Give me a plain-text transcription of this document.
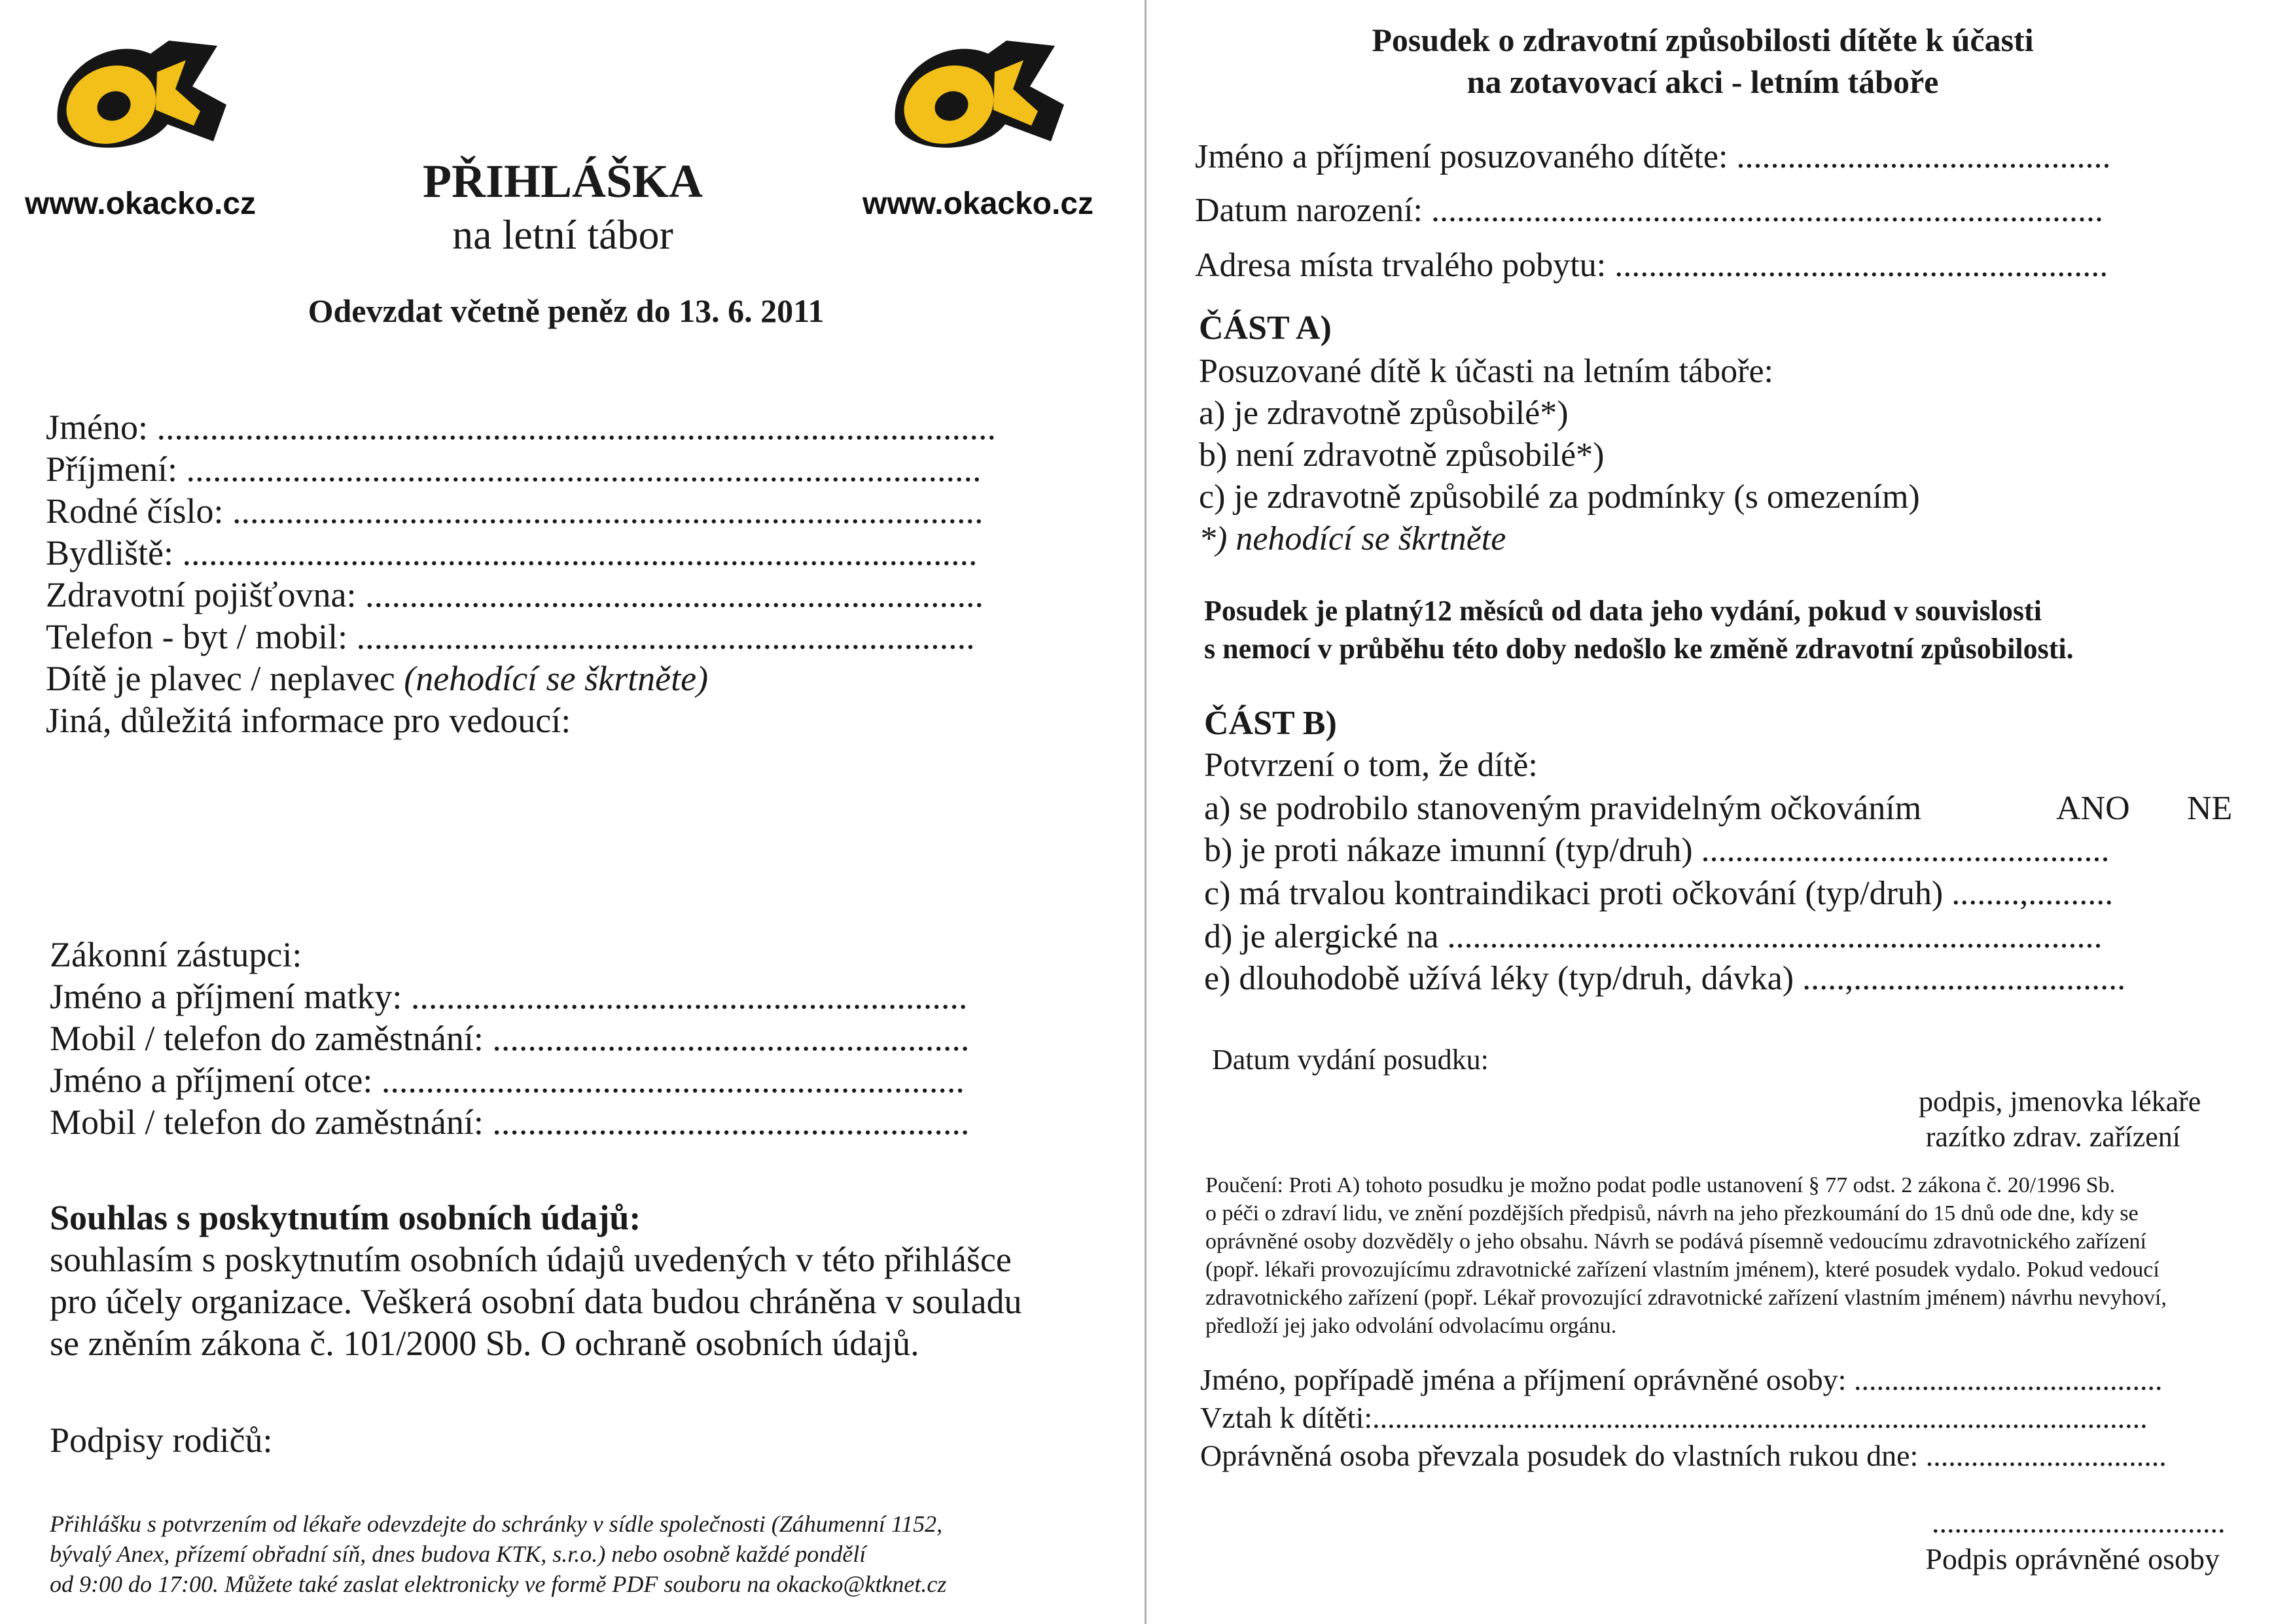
www.okacko.cz	www.okacko.cz
PŘIHLÁŠKA
na letní tábor
Odevzdat včetně peněz do 13. 6. 2011
Jméno: ...............................................................................................
Příjmení: ..........................................................................................
Rodné číslo: .....................................................................................
Bydliště: ..........................................................................................
Zdravotní pojišťovna: ......................................................................
Telefon - byt / mobil: ......................................................................
Dítě je plavec / neplavec (nehodící se škrtněte)
Jiná, důležitá informace pro vedoucí:
Zákonní zástupci:
Jméno a příjmení matky: ...............................................................
Mobil / telefon do zaměstnání: ......................................................
Jméno a příjmení otce: ..................................................................
Mobil / telefon do zaměstnání: ......................................................
Souhlas s poskytnutím osobních údajů:
souhlasím s poskytnutím osobních údajů uvedených v této přihlášce
pro účely organizace. Veškerá osobní data budou chráněna v souladu
se zněním zákona č. 101/2000 Sb. O ochraně osobních údajů.
Podpisy rodičů:
Přihlášku s potvrzením od lékaře odevzdejte do schránky v sídle společnosti (Záhumenní 1152,
bývalý Anex, přízemí obřadní síň, dnes budova KTK, s.r.o.) nebo osobně každé pondělí
od 9:00 do 17:00. Můžete také zaslat elektronicky ve formě PDF souboru na okacko@ktknet.cz
Posudek o zdravotní způsobilosti dítěte k účasti
na zotavovací akci - letním táboře
Jméno a příjmení posuzovaného dítěte: ............................................
Datum narození: ...............................................................................
Adresa místa trvalého pobytu: ..........................................................
ČÁST A)
Posuzované dítě k účasti na letním táboře:
a) je zdravotně způsobilé*)
b) není zdravotně způsobilé*)
c) je zdravotně způsobilé za podmínky (s omezením)
*) nehodící se škrtněte
Posudek je platný12 měsíců od data jeho vydání, pokud v souvislosti
s nemocí v průběhu této doby nedošlo ke změně zdravotní způsobilosti.
ČÁST B)
Potvrzení o tom, že dítě:
a) se podrobilo stanoveným pravidelným očkováním	ANO NE
b) je proti nákaze imunní (typ/druh) ................................................
c) má trvalou kontraindikaci proti očkování (typ/druh) ........,..........
d) je alergické na .............................................................................
e) dlouhodobě užívá léky (typ/druh, dávka) .....,................................
Datum vydání posudku:
podpis, jmenovka lékaře
razítko zdrav. zařízení
Poučení: Proti A) tohoto posudku je možno podat podle ustanovení § 77 odst. 2 zákona č. 20/1996 Sb.
o péči o zdraví lidu, ve znění pozdějších předpisů, návrh na jeho přezkoumání do 15 dnů ode dne, kdy se
oprávněné osoby dozvěděly o jeho obsahu. Návrh se podává písemně vedoucímu zdravotnického zařízení
(popř. lékaři provozujícímu zdravotnické zařízení vlastním jménem), které posudek vydalo. Pokud vedoucí
zdravotnického zařízení (popř. Lékař provozující zdravotnické zařízení vlastním jménem) návrhu nevyhoví,
předloží jej jako odvolání odvolacímu orgánu.
Jméno, popřípadě jména a příjmení oprávněné osoby: .........................................
Vztah k dítěti:.......................................................................................................
Oprávněná osoba převzala posudek do vlastních rukou dne: ................................
.......................................
Podpis oprávněné osoby
